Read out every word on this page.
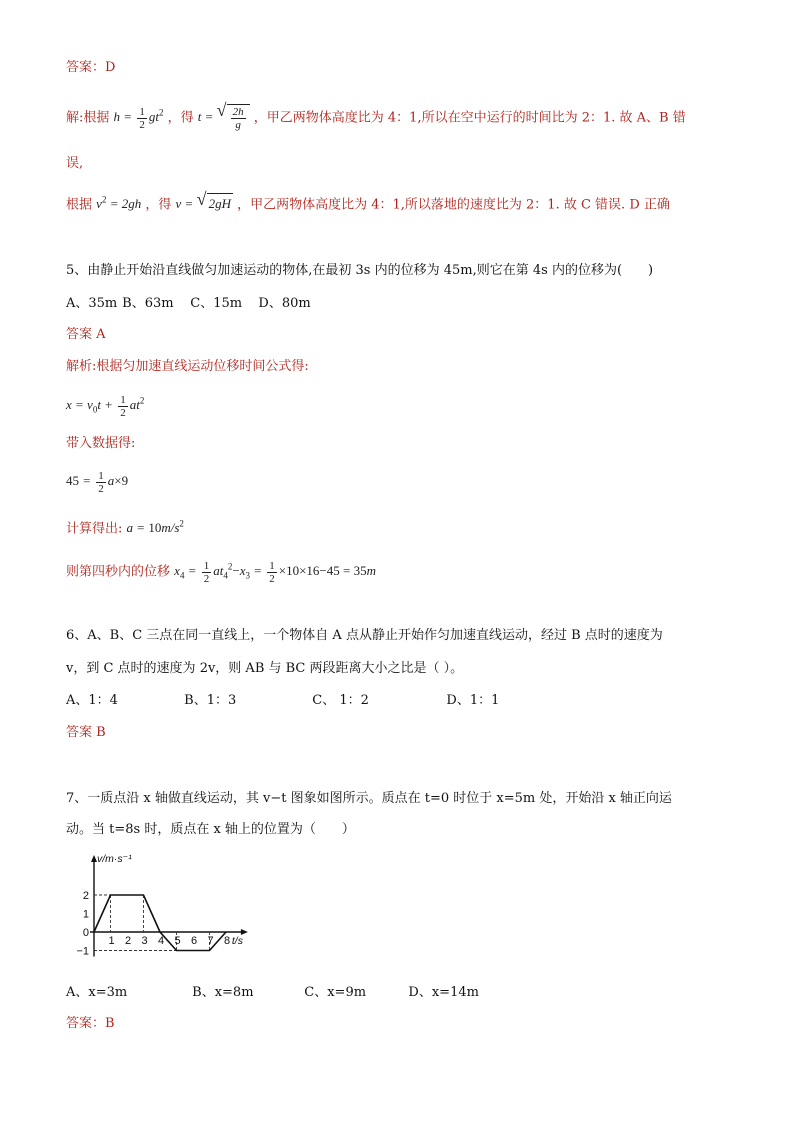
答案：D
解:根据 $h = \frac{1}{2} gt^2$ ，得 t = √ $\frac{2h}{g}$ ，甲乙两物体高度比为 4：1,所以在空中运行的时间比为 2：1. 故 A、B 错
误,
根据 $v^2 = 2gh$ ，得 v = √ 2gH ，甲乙两物体高度比为 4：1,所以落地的速度比为 2：1. 故 C 错误. D 正确
5、由静止开始沿直线做匀加速运动的物体,在最初 3s 内的位移为 45m,则它在第 4s 内的位移为(　　)
A、35m B、63m C、15m D、80m
答案 A
解析:根据匀加速直线运动位移时间公式得:
$x = v_0t + \frac{1}{2} at^2$
带入数据得:
$45 = \frac{1}{2} a\times 9$
计算得出: $a = 10m/s^2$
则第四秒内的位移 $x_4 = \frac{1}{2} at_4^2-x_3 = \frac{1}{2} \times 10\times 16-45 = 35m$
6、A、B、C 三点在同一直线上，一个物体自 A 点从静止开始作匀加速直线运动，经过 B 点时的速度为
v，到 C 点时的速度为 2v，则 AB 与 BC 两段距离大小之比是（ ）。
A、1：4	B、1：3	C、 1：2	D、1：1
答案 B
7、一质点沿 x 轴做直线运动，其 v−t 图象如图所示。质点在 t=0 时位于 x=5m 处，开始沿 x 轴正向运
动。当 t=8s 时，质点在 x 轴上的位置为（　　）
1 2 3 4 5 6 7 8
2
1
0
−1
v/m·s⁻¹
t/s
A、x=3m	B、x=8m	C、x=9m	D、x=14m
答案：B
